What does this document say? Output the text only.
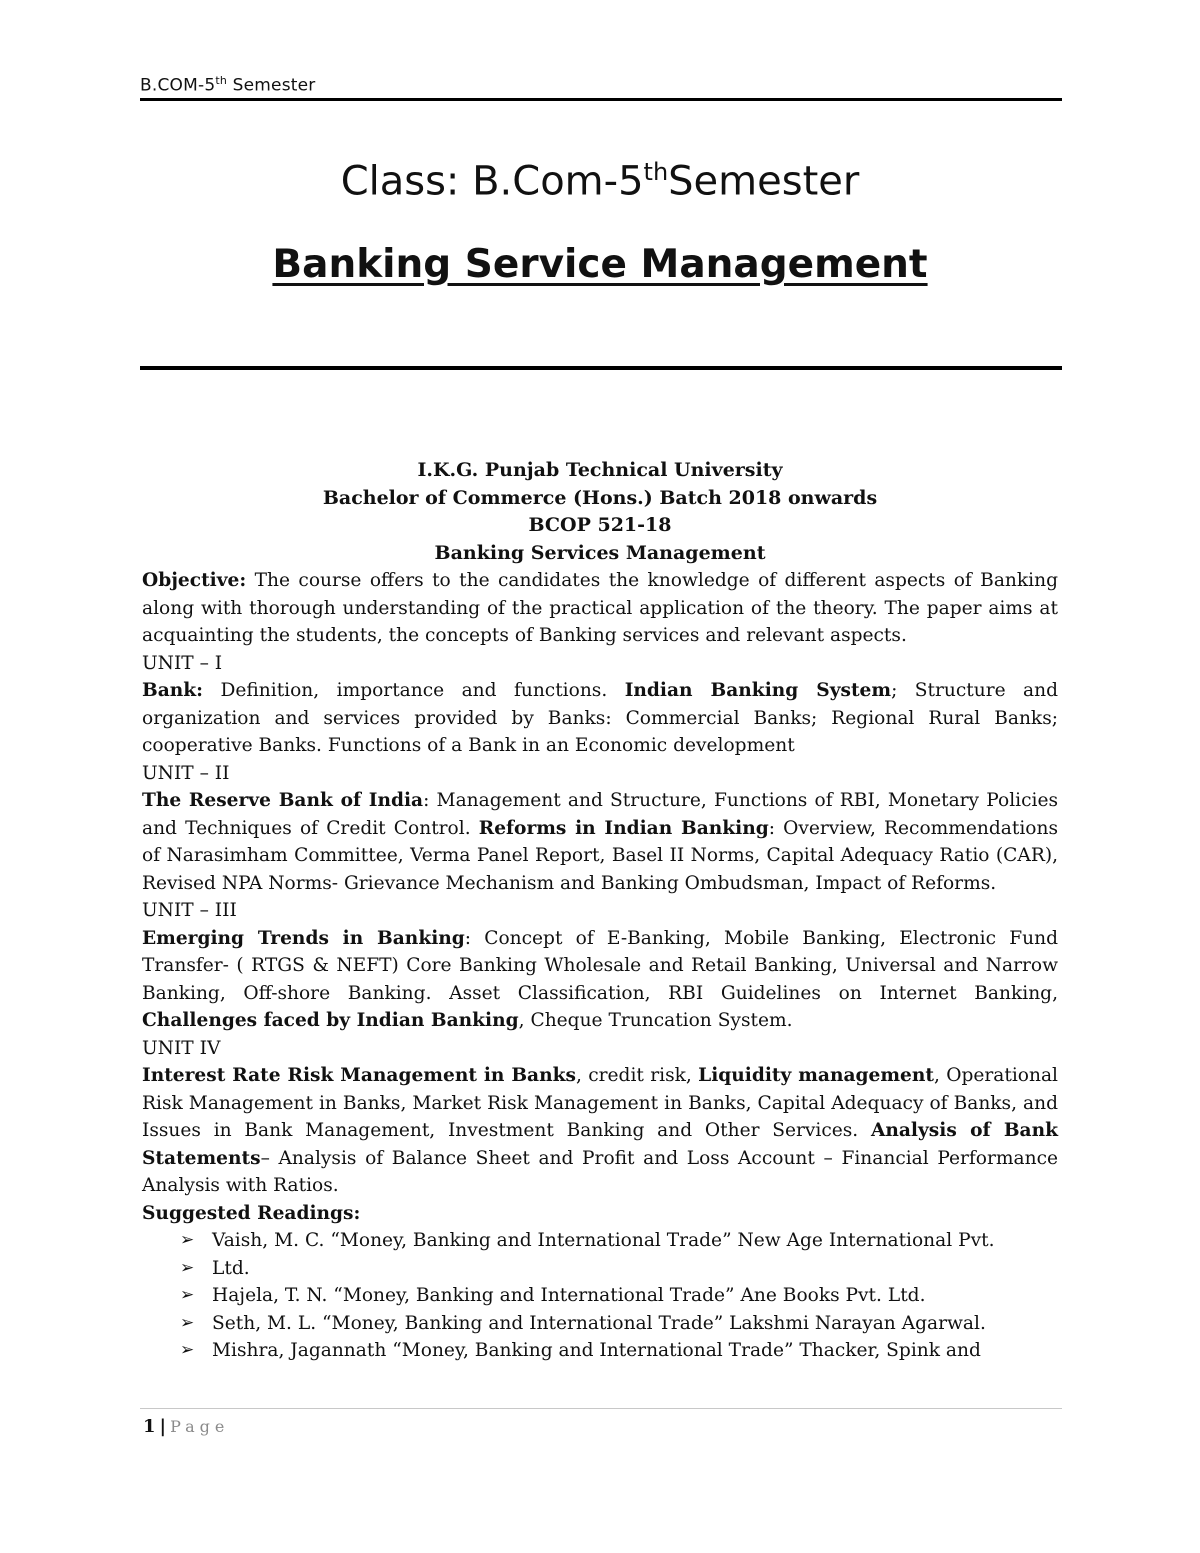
B.COM-5th Semester
Class: B.Com-5thSemester
Banking Service Management
I.K.G. Punjab Technical University
Bachelor of Commerce (Hons.) Batch 2018 onwards
BCOP 521-18
Banking Services Management

Objective: The course offers to the candidates the knowledge of different aspects of Banking along with thorough understanding of the practical application of the theory. The paper aims at acquainting the students, the concepts of Banking services and relevant aspects.

UNIT – I

Bank: Definition, importance and functions. Indian Banking System; Structure and organization and services provided by Banks: Commercial Banks; Regional Rural Banks; cooperative Banks. Functions of a Bank in an Economic development

UNIT – II

The Reserve Bank of India: Management and Structure, Functions of RBI, Monetary Policies and Techniques of Credit Control. Reforms in Indian Banking: Overview, Recommendations of Narasimham Committee, Verma Panel Report, Basel II Norms, Capital Adequacy Ratio (CAR), Revised NPA Norms- Grievance Mechanism and Banking Ombudsman, Impact of Reforms.

UNIT – III

Emerging Trends in Banking: Concept of E-Banking, Mobile Banking, Electronic Fund Transfer- ( RTGS & NEFT) Core Banking Wholesale and Retail Banking, Universal and Narrow Banking, Off-shore Banking. Asset Classification, RBI Guidelines on Internet Banking, Challenges faced by Indian Banking, Cheque Truncation System.

UNIT IV

Interest Rate Risk Management in Banks, credit risk, Liquidity management, Operational Risk Management in Banks, Market Risk Management in Banks, Capital Adequacy of Banks, and Issues in Bank Management, Investment Banking and Other Services. Analysis of Bank Statements– Analysis of Balance Sheet and Profit and Loss Account – Financial Performance Analysis with Ratios.

Suggested Readings:

➢ Vaish, M. C. “Money, Banking and International Trade” New Age International Pvt.
➢ Ltd.
➢ Hajela, T. N. “Money, Banking and International Trade” Ane Books Pvt. Ltd.
➢ Seth, M. L. “Money, Banking and International Trade” Lakshmi Narayan Agarwal.
➢ Mishra, Jagannath “Money, Banking and International Trade” Thacker, Spink and
1 | Page
